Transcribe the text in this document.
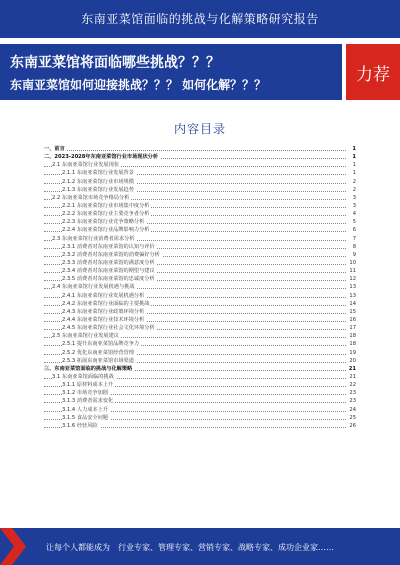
东南亚菜馆面临的挑战与化解策略研究报告
东南亚菜馆将面临哪些挑战？？？
东南亚菜馆如何迎接挑战？？？ 如何化解？？？	力荐
内容目录
一、前言	1
二、2023-2028年东南亚菜馆行业市场现状分析	1
2.1 东南亚菜馆行业发展现状	1
2.1.1 东南亚菜馆行业发展背景	1
2.1.2 东南亚菜馆行业市场规模	2
2.1.3 东南亚菜馆行业发展趋势	2
2.2 东南亚菜馆市场竞争格局分析	3
2.2.1 东南亚菜馆行业市场集中度分析	3
2.2.2 东南亚菜馆行业主要竞争者分析	4
2.2.3 东南亚菜馆行业竞争策略分析	5
2.2.4 东南亚菜馆行业品牌影响力分析	6
2.3 东南亚菜馆行业消费者需求分析	7
2.3.1 消费者对东南亚菜馆的认知与评价	8
2.3.2 消费者对东南亚菜馆的消费偏好分析	9
2.3.3 消费者对东南亚菜馆的满意度分析	10
2.3.4 消费者对东南亚菜馆的期望与建议	11
2.3.5 消费者对东南亚菜馆的忠诚度分析	12
2.4 东南亚菜馆行业发展机遇与挑战	13
2.4.1 东南亚菜馆行业发展机遇分析	13
2.4.2 东南亚菜馆行业面临的主要挑战	14
2.4.3 东南亚菜馆行业政策环境分析	15
2.4.4 东南亚菜馆行业技术环境分析	16
2.4.5 东南亚菜馆行业社会文化环境分析	17
2.5 东南亚菜馆行业发展建议	18
2.5.1 提升东南亚菜馆品牌竞争力	18
2.5.2 优化东南亚菜馆经营管理	19
2.5.3 拓展东南亚菜馆市场渠道	20
三、东南亚菜馆面临的挑战与化解策略	21
3.1 东南亚菜馆面临的挑战	21
3.1.1 原材料成本上升	22
3.1.2 市场竞争加剧	23
3.1.3 消费者需求变化	23
3.1.4 人力成本上升	24
3.1.5 食品安全问题	25
3.1.6 经营风险	26
让每个人都能成为 行业专家、管理专家、营销专家、战略专家、成功企业家……
